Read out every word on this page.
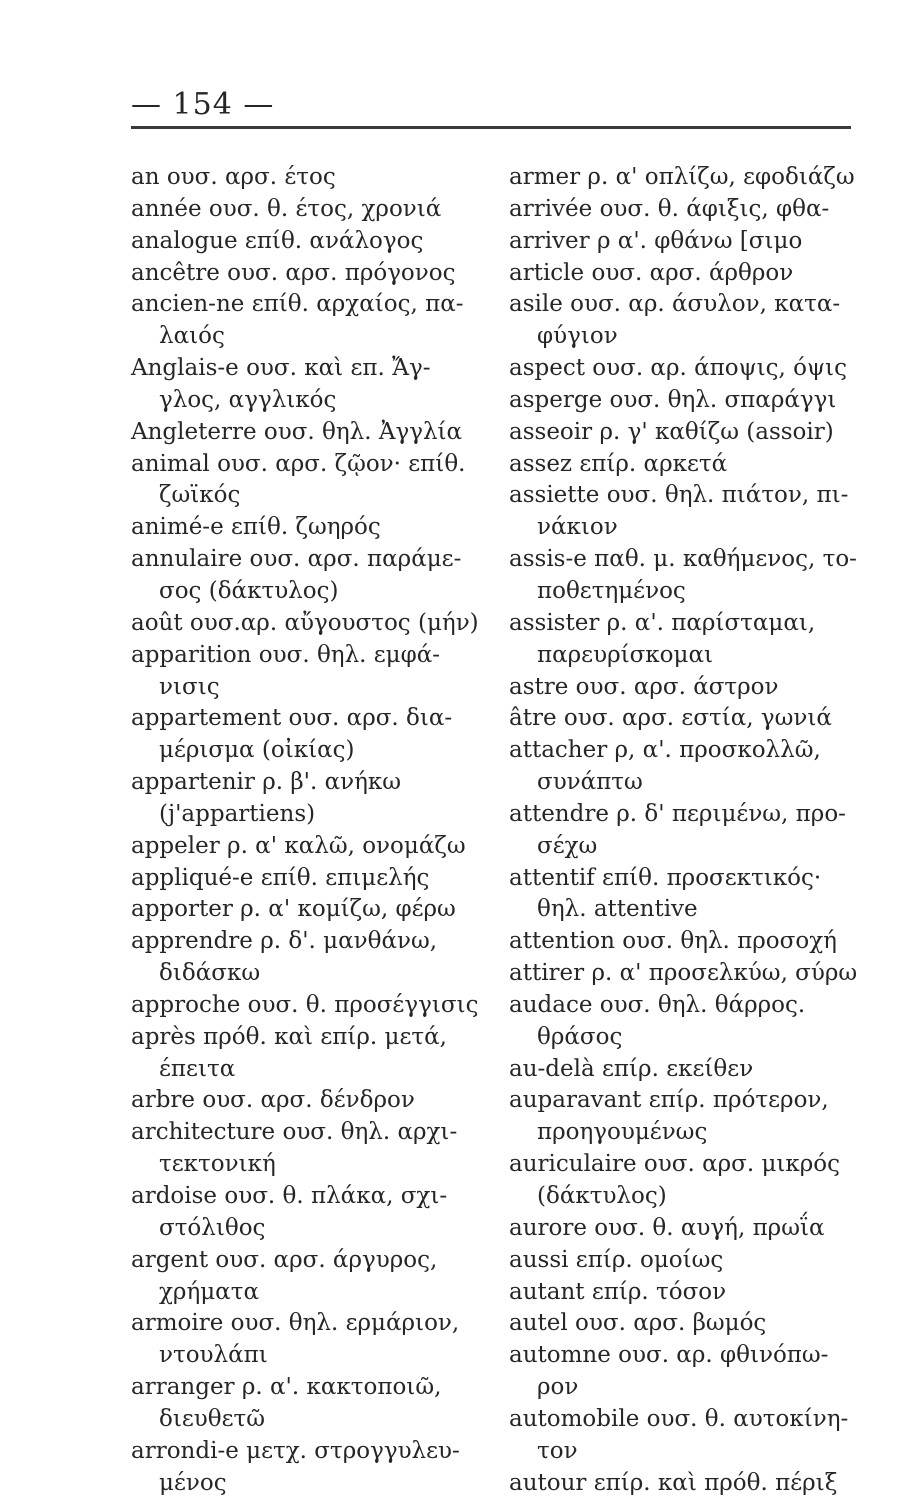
— 154 —
an ουσ. αρσ. έτος
année ουσ. θ. έτος, χρονιά
analogue επίθ. ανάλογος
ancêtre ουσ. αρσ. πρόγονος
ancien-ne επίθ. αρχαίος, πα-
λαιός
Anglais-e ουσ. καὶ επ. Ἄγ-
γλος, αγγλικός
Angleterre ουσ. θηλ. Ἀγγλία
animal ουσ. αρσ. ζῷον· επίθ.
ζωϊκός
animé-e επίθ. ζωηρός
annulaire ουσ. αρσ. παράμε-
σος (δάκτυλος)
août ουσ.αρ. αὔγουστος (μήν)
apparition ουσ. θηλ. εμφά-
νισις
appartement ουσ. αρσ. δια-
μέρισμα (οἰκίας)
appartenir ρ. β'. ανήκω
(j'appartiens)
appeler ρ. α' καλῶ, ονομάζω
appliqué-e επίθ. επιμελής
apporter ρ. α' κομίζω, φέρω
apprendre ρ. δ'. μανθάνω,
διδάσκω
approche ουσ. θ. προσέγγισις
après πρόθ. καὶ επίρ. μετά,
έπειτα
arbre ουσ. αρσ. δένδρον
architecture ουσ. θηλ. αρχι-
τεκτονική
ardoise ουσ. θ. πλάκα, σχι-
στόλιθος
argent ουσ. αρσ. άργυρος,
χρήματα
armoire ουσ. θηλ. ερμάριον,
ντουλάπι
arranger ρ. α'. κακτοποιῶ,
διευθετῶ
arrondi-e μετχ. στρογγυλευ-
μένος
armer ρ. α' οπλίζω, εφοδιάζω
arrivée ουσ. θ. άφιξις, φθα-
arriver ρ α'. φθάνω [σιμο
article ουσ. αρσ. άρθρον
asile ουσ. αρ. άσυλον, κατα-
φύγιον
aspect ουσ. αρ. άποψις, όψις
asperge ουσ. θηλ. σπαράγγι
asseoir ρ. γ' καθίζω (assoir)
assez επίρ. αρκετά
assiette ουσ. θηλ. πιάτον, πι-
νάκιον
assis-e παθ. μ. καθήμενος, το-
ποθετημένος
assister ρ. α'. παρίσταμαι,
παρευρίσκομαι
astre ουσ. αρσ. άστρον
âtre ουσ. αρσ. εστία, γωνιά
attacher ρ, α'. προσκολλῶ,
συνάπτω
attendre ρ. δ' περιμένω, προ-
σέχω
attentif επίθ. προσεκτικός·
θηλ. attentive
attention ουσ. θηλ. προσοχή
attirer ρ. α' προσελκύω, σύρω
audace ουσ. θηλ. θάρρος.
θράσος
au-delà επίρ. εκείθεν
auparavant επίρ. πρότερον,
προηγουμένως
auriculaire ουσ. αρσ. μικρός
(δάκτυλος)
aurore ουσ. θ. αυγή, πρωΐα
aussi επίρ. ομοίως
autant επίρ. τόσον
autel ουσ. αρσ. βωμός
automne ουσ. αρ. φθινόπω-
ρον
automobile ουσ. θ. αυτοκίνη-
τον
autour επίρ. καὶ πρόθ. πέριξ
